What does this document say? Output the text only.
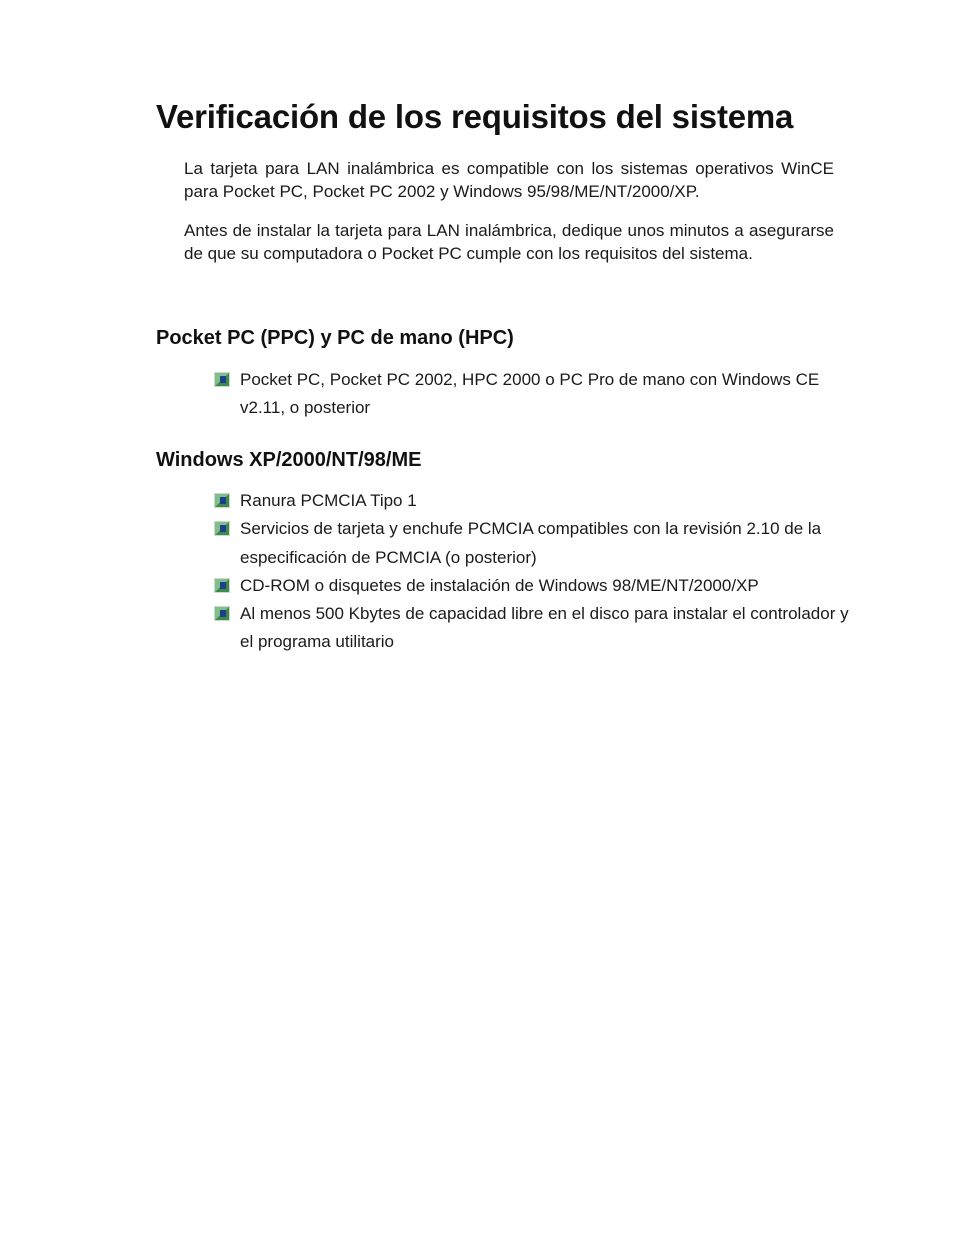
Verificación de los requisitos del sistema

La tarjeta para LAN inalámbrica es compatible con los sistemas operativos WinCE para Pocket PC, Pocket PC 2002 y Windows 95/98/ME/NT/2000/XP.

Antes de instalar la tarjeta para LAN inalámbrica, dedique unos minutos a asegurarse de que su computadora o Pocket PC cumple con los requisitos del sistema.

Pocket PC (PPC) y PC de mano (HPC)
Pocket PC, Pocket PC 2002, HPC 2000 o PC Pro de mano con Windows CE v2.11, o posterior
Windows XP/2000/NT/98/ME
Ranura PCMCIA Tipo 1
Servicios de tarjeta y enchufe PCMCIA compatibles con la revisión 2.10 de la especificación de PCMCIA (o posterior)
CD-ROM o disquetes de instalación de Windows 98/ME/NT/2000/XP
Al menos 500 Kbytes de capacidad libre en el disco para instalar el controlador y el programa utilitario
